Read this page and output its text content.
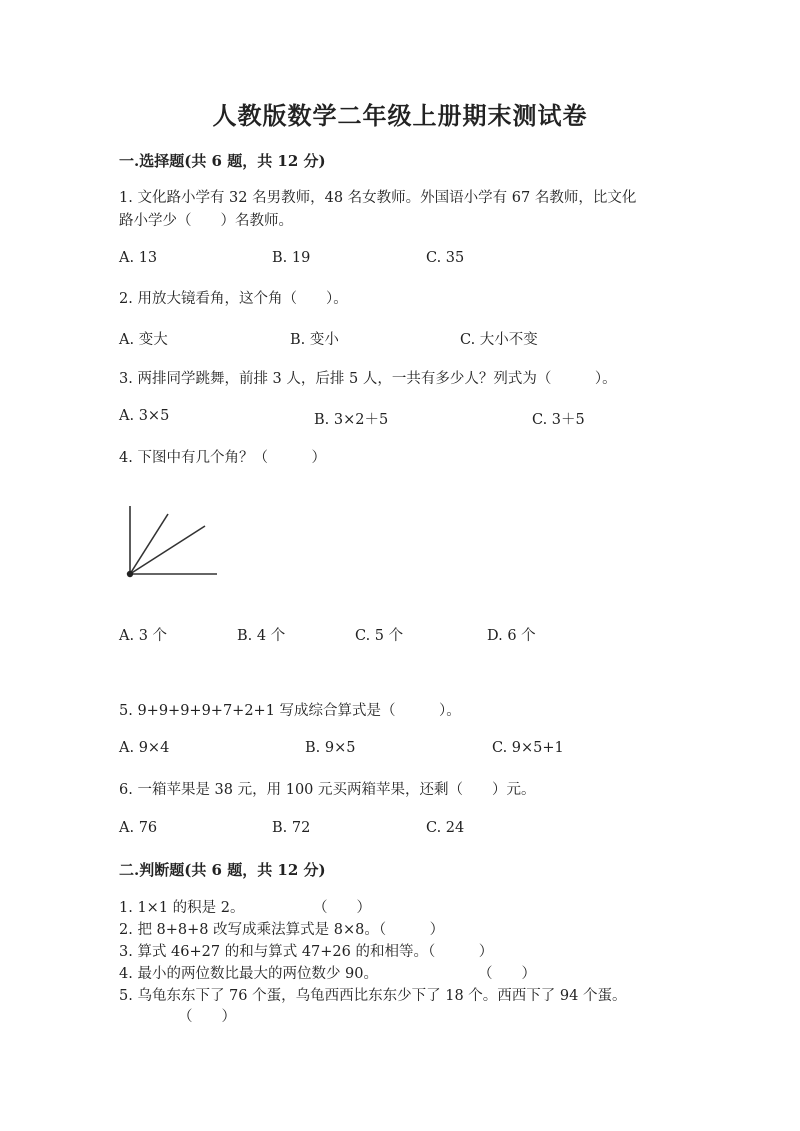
人教版数学二年级上册期末测试卷
一.选择题(共 6 题，共 12 分)
1. 文化路小学有 32 名男教师，48 名女教师。外国语小学有 67 名教师，比文化
路小学少（　　）名教师。
A. 13	B. 19	C. 35
2. 用放大镜看角，这个角（　　）。
A. 变大	B. 变小	C. 大小不变
3. 两排同学跳舞，前排 3 人，后排 5 人，一共有多少人？列式为（　　　）。
A. 3×5	B. 3×2＋5	C. 3＋5
4. 下图中有几个角？（　　　）
A. 3 个	B. 4 个	C. 5 个	D. 6 个
5. 9+9+9+9+7+2+1 写成综合算式是（　　　）。
A. 9×4	B. 9×5	C. 9×5+1
6. 一箱苹果是 38 元，用 100 元买两箱苹果，还剩（　　）元。
A. 76	B. 72	C. 24
二.判断题(共 6 题，共 12 分)
1. 1×1 的积是 2。	（　　）
2. 把 8+8+8 改写成乘法算式是 8×8。（　　　）
3. 算式 46+27 的和与算式 47+26 的和相等。（　　　）
4. 最小的两位数比最大的两位数少 90。	（　　）
5. 乌龟东东下了 76 个蛋，乌龟西西比东东少下了 18 个。西西下了 94 个蛋。
（　　）
